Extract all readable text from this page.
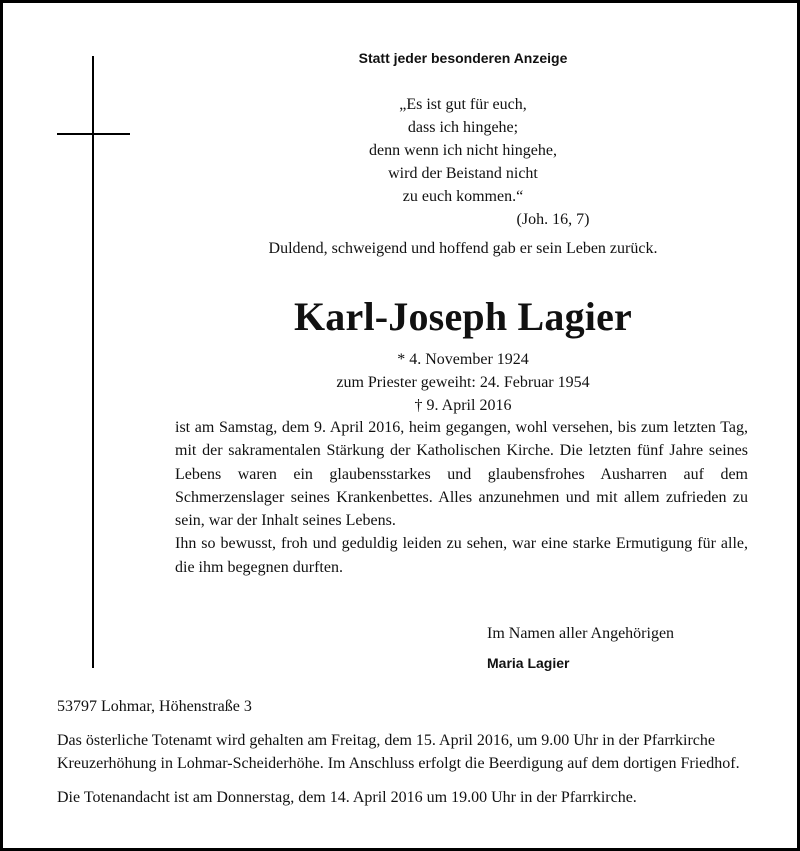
Statt jeder besonderen Anzeige
„Es ist gut für euch,
dass ich hingehe;
denn wenn ich nicht hingehe,
wird der Beistand nicht
zu euch kommen.“
(Joh. 16, 7)
Duldend, schweigend und hoffend gab er sein Leben zurück.
Karl-Joseph Lagier
* 4. November 1924
zum Priester geweiht: 24. Februar 1954
† 9. April 2016

ist am Samstag, dem 9. April 2016, heim gegangen, wohl versehen, bis zum letzten Tag, mit der sakramentalen Stärkung der Katholischen Kirche. Die letzten fünf Jahre seines Lebens waren ein glaubensstarkes und glaubensfrohes Ausharren auf dem Schmerzenslager seines Krankenbettes. Alles anzunehmen und mit allem zufrieden zu sein, war der Inhalt seines Lebens.

Ihn so bewusst, froh und geduldig leiden zu sehen, war eine starke Ermutigung für alle, die ihm begegnen durften.

Im Namen aller Angehörigen
Maria Lagier
53797 Lohmar, Höhenstraße 3
Das österliche Totenamt wird gehalten am Freitag, dem 15. April 2016, um 9.00 Uhr in der Pfarrkirche
Kreuzerhöhung in Lohmar-Scheiderhöhe. Im Anschluss erfolgt die Beerdigung auf dem dortigen Friedhof.
Die Totenandacht ist am Donnerstag, dem 14. April 2016 um 19.00 Uhr in der Pfarrkirche.
